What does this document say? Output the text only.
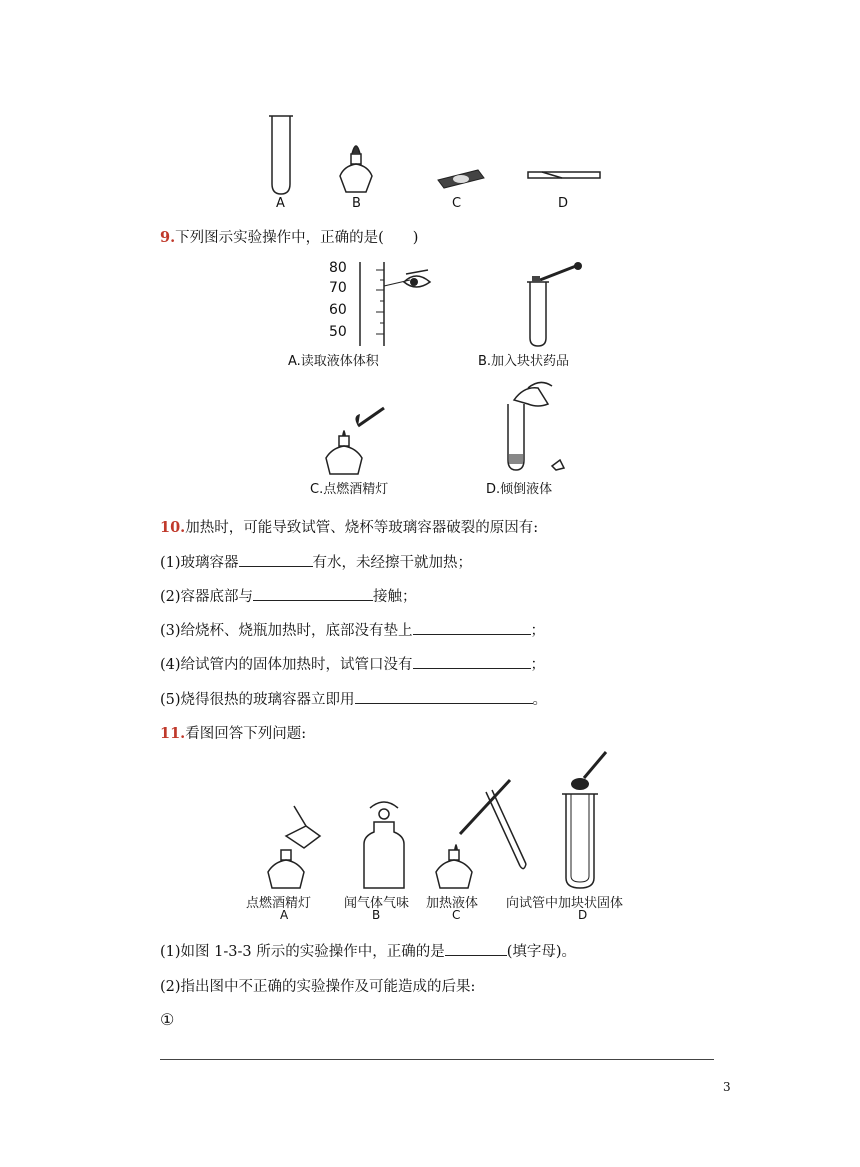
A	B	C	D
9.下列图示实验操作中，正确的是(　　)
80
70
60
50
A.读取液体体积	B.加入块状药品
C.点燃酒精灯	D.倾倒液体
10.加热时，可能导致试管、烧杯等玻璃容器破裂的原因有:
(1)玻璃容器	有水，未经擦干就加热；
(2)容器底部与	接触；
(3)给烧杯、烧瓶加热时，底部没有垫上	；
(4)给试管内的固体加热时，试管口没有	；
(5)烧得很热的玻璃容器立即用	。
11.看图回答下列问题:
点燃酒精灯	闻气体气味 加热液体 向试管中加块状固体
A	B	C	D
(1)如图 1-3-3 所示的实验操作中，正确的是	(填字母)。
(2)指出图中不正确的实验操作及可能造成的后果:
①
3
